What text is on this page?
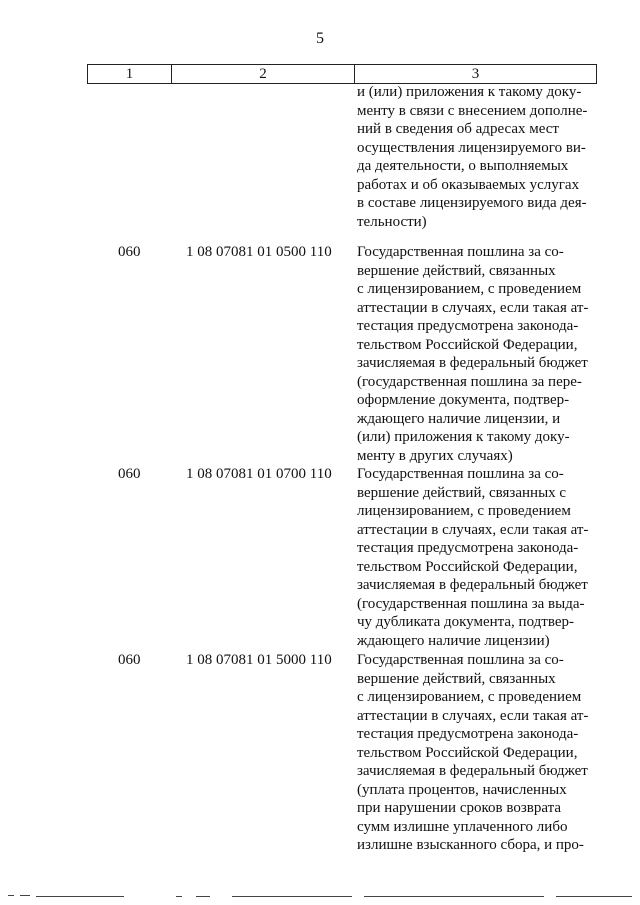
5
1	2	3
и (или) приложения к такому доку-
менту в связи с внесением дополне-
ний в сведения об адресах мест
осуществления лицензируемого ви-
да деятельности, о выполняемых
работах и об оказываемых услугах
в составе лицензируемого вида дея-
тельности)
060	1 08 07081 01 0500 110 Государственная пошлина за со-
вершение действий, связанных
с лицензированием, с проведением
аттестации в случаях, если такая ат-
тестация предусмотрена законода-
тельством Российской Федерации,
зачисляемая в федеральный бюджет
(государственная пошлина за пере-
оформление документа, подтвер-
ждающего наличие лицензии, и
(или) приложения к такому доку-
менту в других случаях)
060	1 08 07081 01 0700 110 Государственная пошлина за со-
вершение действий, связанных с
лицензированием, с проведением
аттестации в случаях, если такая ат-
тестация предусмотрена законода-
тельством Российской Федерации,
зачисляемая в федеральный бюджет
(государственная пошлина за выда-
чу дубликата документа, подтвер-
ждающего наличие лицензии)
060	1 08 07081 01 5000 110 Государственная пошлина за со-
вершение действий, связанных
с лицензированием, с проведением
аттестации в случаях, если такая ат-
тестация предусмотрена законода-
тельством Российской Федерации,
зачисляемая в федеральный бюджет
(уплата процентов, начисленных
при нарушении сроков возврата
сумм излишне уплаченного либо
излишне взысканного сбора, и про-
